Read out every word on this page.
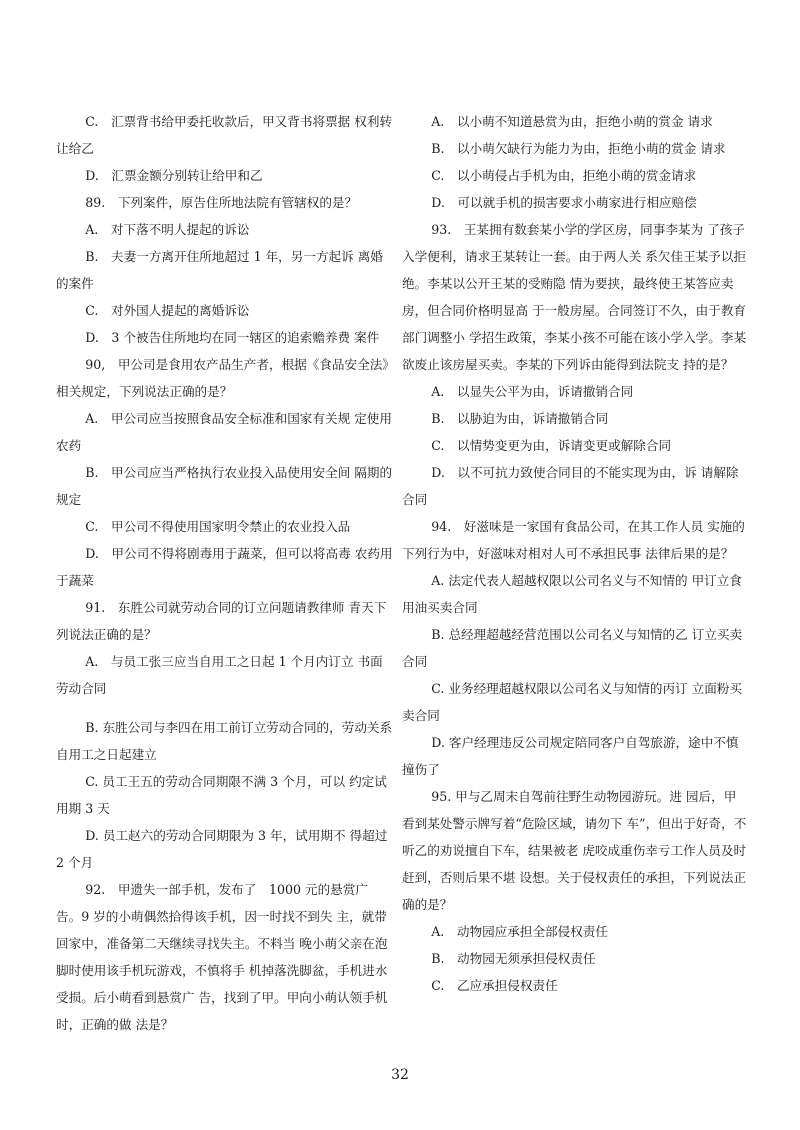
　　 C.　汇票背书给甲委托收款后，甲又背书将票据 权利转让给乙

　　 D.　汇票金额分别转让给甲和乙

　　 89.　下列案件，原告住所地法院有管辖权的是？

　　 A.　对下落不明人提起的诉讼

　　 B.　夫妻一方离开住所地超过 1 年，另一方起诉 离婚的案件

　　 C.　对外国人提起的离婚诉讼

　　 D.　3 个被告住所地均在同一辖区的追索赡养费 案件

　　 90,　甲公司是食用农产品生产者，根据《食品安全法》相关规定，下列说法正确的是？

　　 A.　甲公司应当按照食品安全标准和国家有关规 定使用农药

　　 B.　甲公司应当严格执行农业投入品使用安全间 隔期的规定

　　 C.　甲公司不得使用国家明令禁止的农业投入品

　　 D.　甲公司不得将剧毒用于蔬菜，但可以将高毒 农药用于蔬菜

　　 91.　东胜公司就劳动合同的订立问题请教律师 青天下列说法正确的是？

　　 A.　与员工张三应当自用工之日起 1 个月内订立 书面劳动合同

　　 B. 东胜公司与李四在用工前订立劳动合同的，劳动关系自用工之日起建立

　　 C. 员工王五的劳动合同期限不满 3 个月，可以 约定试用期 3 天

　　 D. 员工赵六的劳动合同期限为 3 年，试用期不 得超过 2 个月

　　 92.　甲遗失一部手机，发布了　1000 元的悬赏广 告。9 岁的小萌偶然拾得该手机，因一时找不到失 主，就带回家中，准备第二天继续寻找失主。不料当 晚小萌父亲在泡脚时使用该手机玩游戏，不慎将手 机掉落洗脚盆，手机进水受损。后小萌看到悬赏广 告，找到了甲。甲向小萌认领手机时，正确的做 法是？

　　 A.　以小萌不知道悬赏为由，拒绝小萌的赏金 请求

　　 B.　以小萌欠缺行为能力为由，拒绝小萌的赏金 请求

　　 C.　以小萌侵占手机为由，拒绝小萌的赏金请求

　　 D.　可以就手机的损害要求小萌家进行相应赔偿

　　 93.　王某拥有数套某小学的学区房，同事李某为 了孩子入学便利，请求王某转让一套。由于两人关 系欠佳王某予以拒绝。李某以公开王某的受贿隐 情为要挟，最终使王某答应卖房，但合同价格明显高 于一般房屋。合同签订不久，由于教育部门调整小 学招生政策，李某小孩不可能在该小学入学。李某 欲废止该房屋买卖。李某的下列诉由能得到法院支 持的是？

　　 A.　以显失公平为由，诉请撤销合同

　　 B.　以胁迫为由，诉请撤销合同

　　 C.　以情势变更为由，诉请变更或解除合同

　　 D.　以不可抗力致使合同目的不能实现为由，诉 请解除合同

　　 94.　好滋味是一家国有食品公司，在其工作人员 实施的下列行为中，好滋味对相对人可不承担民事 法律后果的是？

　　 A. 法定代表人超越权限以公司名义与不知情的 甲订立食用油买卖合同

　　 B. 总经理超越经营范围以公司名义与知情的乙 订立买卖合同

　　 C. 业务经理超越权限以公司名义与知情的丙订 立面粉买卖合同

　　 D. 客户经理违反公司规定陪同客户自驾旅游，途中不慎撞伤了

　　 95. 甲与乙周末自驾前往野生动物园游玩。进 园后，甲看到某处警示牌写着“危险区域，请勿下 车”，但出于好奇，不听乙的劝说擅自下车，结果被老 虎咬成重伤幸亏工作人员及时赶到，否则后果不堪 设想。关于侵权责任的承担，下列说法正确的是？

　　 A.　动物园应承担全部侵权责任

　　 B.　动物园无须承担侵权责任

　　 C.　乙应承担侵权责任

32
